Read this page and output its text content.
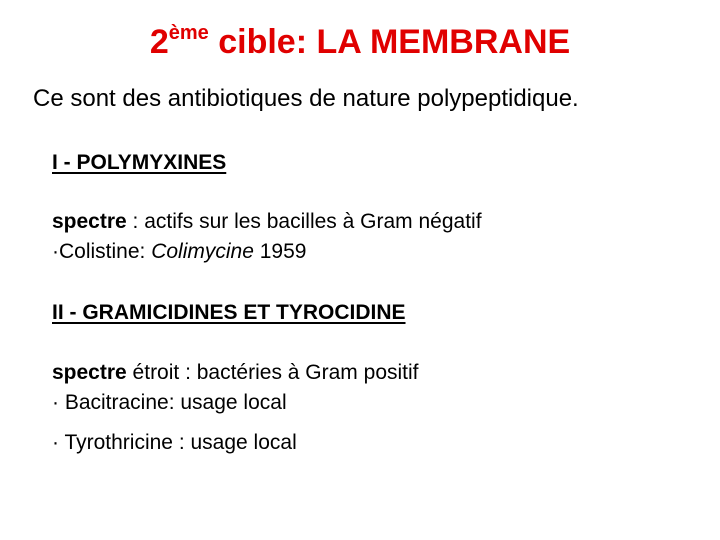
2ème cible: LA MEMBRANE
Ce sont des antibiotiques de nature polypeptidique.
I - POLYMYXINES
spectre : actifs sur les bacilles à Gram négatif
·Colistine: Colimycine 1959
II - GRAMICIDINES ET TYROCIDINE
spectre étroit : bactéries à Gram positif
· Bacitracine: usage local
· Tyrothricine : usage local
